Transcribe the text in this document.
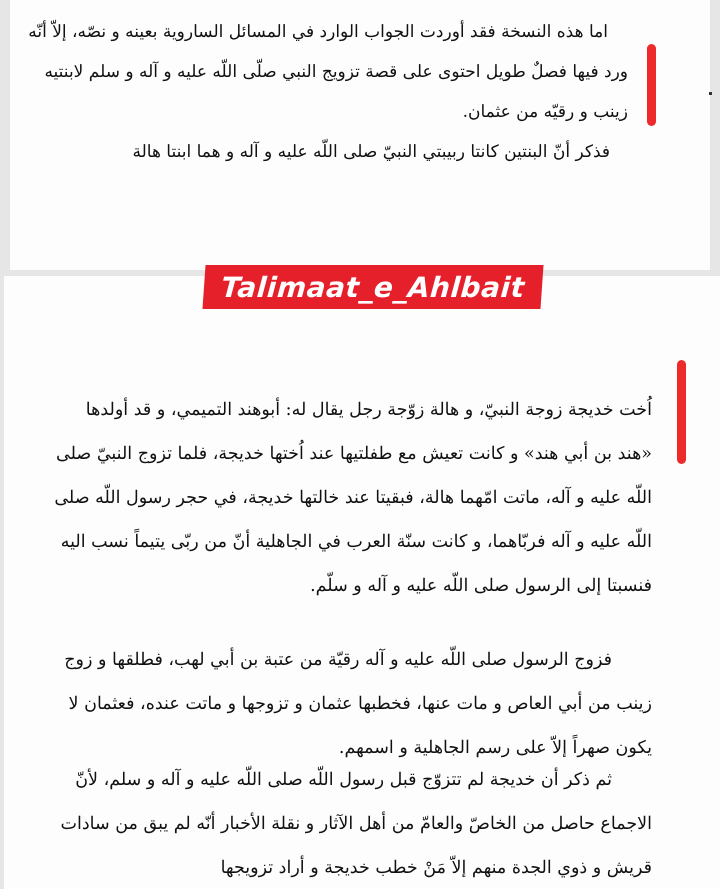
اما هذه النسخة فقد أوردت الجواب الوارد في المسائل الساروية بعينه و نصّه، إلاّ أنّه ورد فيها فصلٌ طويل احتوى على قصة تزويج النبي صلّى اللّه عليه و آله و سلم لابنتيه زينب و رقيّه من عثمان.

فذكر أنّ البنتين كانتا ربيبتي النبيّ صلى اللّه عليه و آله و هما ابنتا هالة

اُخت خديجة زوجة النبيّ، و هالة زوّجة رجل يقال له: أبوهند التميمي، و قد أولدها «هند بن أبي هند» و كانت تعيش مع طفلتيها عند اُختها خديجة، فلما تزوج النبيّ صلى اللّه عليه و آله، ماتت امّهما هالة، فبقيتا عند خالتها خديجة، في حجر رسول اللّه صلى اللّه عليه و آله فربّاهما، و كانت سنّة العرب في الجاهلية أنّ من ربّى يتيماً نسب اليه فنسبتا إلى الرسول صلى اللّه عليه و آله و سلّم.

فزوج الرسول صلى اللّه عليه و آله رقيّة من عتبة بن أبي لهب، فطلقها و زوج زينب من أبي العاص و مات عنها، فخطبها عثمان و تزوجها و ماتت عنده، فعثمان لا يكون صهراً إلاّ على رسم الجاهلية و اسمهم.

ثم ذكر أن خديجة لم تتزوّج قبل رسول اللّه صلى اللّه عليه و آله و سلم، لأنّ الاجماع حاصل من الخاصّ والعامّ من أهل الآثار و نقلة الأخبار أنّه لم يبق من سادات قريش و ذوي الجدة منهم إلاّ مَنْ خطب خديجة و أراد تزويجها

Talimaat_e_Ahlbait
